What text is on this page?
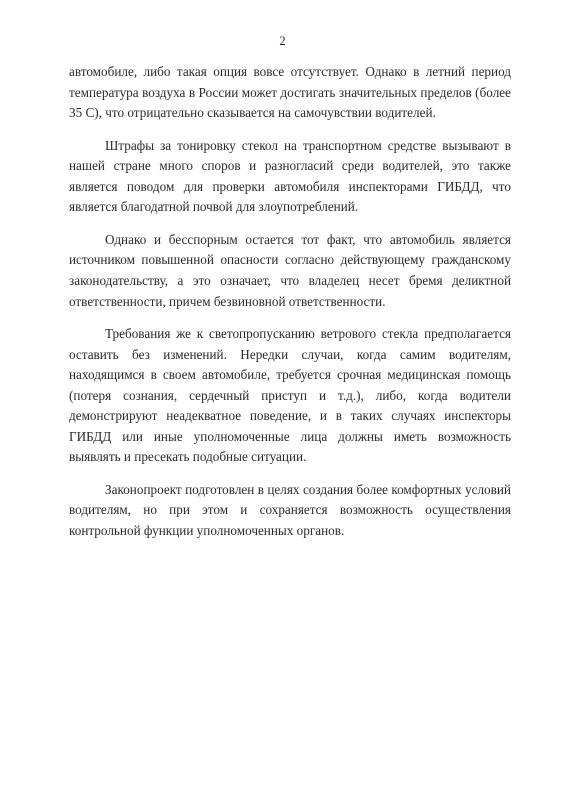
2

автомобиле, либо такая опция вовсе отсутствует. Однако в летний период температура воздуха в России может достигать значительных пределов (более 35 С), что отрицательно сказывается на самочувствии водителей.

Штрафы за тонировку стекол на транспортном средстве вызывают в нашей стране много споров и разногласий среди водителей, это также является поводом для проверки автомобиля инспекторами ГИБДД, что является благодатной почвой для злоупотреблений.

Однако и бесспорным остается тот факт, что автомобиль является источником повышенной опасности согласно действующему гражданскому законодательству, а это означает, что владелец несет бремя деликтной ответственности, причем безвиновной ответственности.

Требования же к светопропусканию ветрового стекла предполагается оставить без изменений. Нередки случаи, когда самим водителям, находящимся в своем автомобиле, требуется срочная медицинская помощь (потеря сознания, сердечный приступ и т.д.), либо, когда водители демонстрируют неадекватное поведение, и в таких случаях инспекторы ГИБДД или иные уполномоченные лица должны иметь возможность выявлять и пресекать подобные ситуации.

Законопроект подготовлен в целях создания более комфортных условий водителям, но при этом и сохраняется возможность осуществления контрольной функции уполномоченных органов.
